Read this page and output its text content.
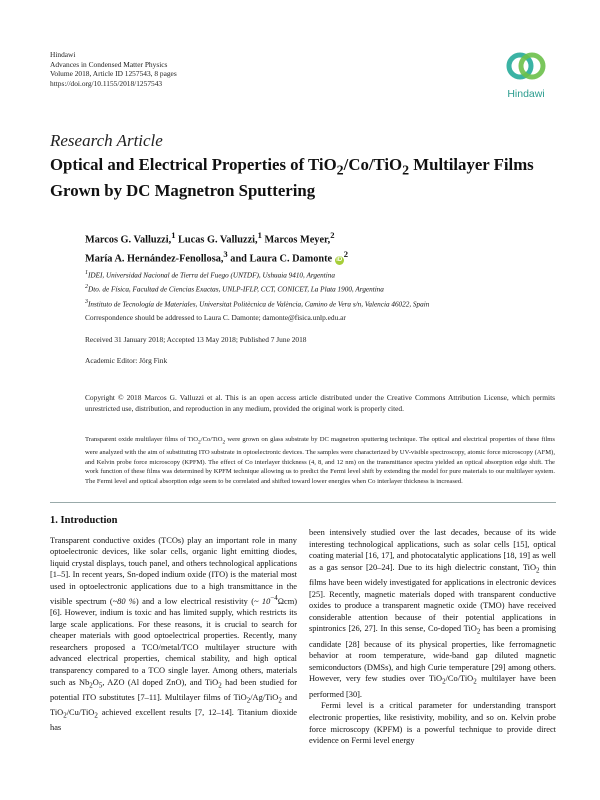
Hindawi
Advances in Condensed Matter Physics
Volume 2018, Article ID 1257543, 8 pages
https://doi.org/10.1155/2018/1257543
Hindawi
Research Article
Optical and Electrical Properties of TiO$_2$/Co/TiO$_2$ Multilayer Films Grown by DC Magnetron Sputtering
Marcos G. Valluzzi,$^1$ Lucas G. Valluzzi,$^1$ Marcos Meyer,$^2$
María A. Hernández-Fenollosa,$^3$ and Laura C. Damonte $iD^2$
$^1$IDEI, Universidad Nacional de Tierra del Fuego (UNTDF), Ushuaia 9410, Argentina
$^2$Dto. de Física, Facultad de Ciencias Exactas, UNLP-IFLP, CCT, CONICET, La Plata 1900, Argentina
$^3$Instituto de Tecnología de Materiales, Universitat Politècnica de València, Camino de Vera s/n, Valencia 46022, Spain
Correspondence should be addressed to Laura C. Damonte; damonte@fisica.unlp.edu.ar
Received 31 January 2018; Accepted 13 May 2018; Published 7 June 2018
Academic Editor: Jörg Fink
Copyright © 2018 Marcos G. Valluzzi et al. This is an open access article distributed under the Creative Commons Attribution License, which permits unrestricted use, distribution, and reproduction in any medium, provided the original work is properly cited.
Transparent oxide multilayer films of TiO$_2$/Co/TiO$_2$ were grown on glass substrate by DC magnetron sputtering technique. The optical and electrical properties of these films were analyzed with the aim of substituting ITO substrate in optoelectronic devices. The samples were characterized by UV-visible spectroscopy, atomic force microscopy (AFM), and Kelvin probe force microscopy (KPFM). The effect of Co interlayer thickness (4, 8, and 12 nm) on the transmittance spectra yielded an optical absorption edge shift. The work function of these films was determined by KPFM technique allowing us to predict the Fermi level shift by extending the model for pure materials to our multilayer system. The Fermi level and optical absorption edge seem to be correlated and shifted toward lower energies when Co interlayer thickness is increased.
1. Introduction

Transparent conductive oxides (TCOs) play an important role in many optoelectronic devices, like solar cells, organic light emitting diodes, liquid crystal displays, touch panel, and others technological applications [1–5]. In recent years, Sn-doped indium oxide (ITO) is the material most used in optoelectronic applications due to a high transmittance in the visible spectrum (~80 %) and a low electrical resistivity (~ $10^{-4}\Omega cm$) [6]. However, indium is toxic and has limited supply, which restricts its large scale applications. For these reasons, it is crucial to search for cheaper materials with good optoelectrical properties. Recently, many researchers proposed a TCO/metal/TCO multilayer structure with advanced electrical properties, chemical stability, and high optical transparency compared to a TCO single layer. Among others, materials such as $Nb_2O_5$, AZO (Al doped ZnO), and TiO$_2$ had been studied for potential ITO substitutes [7–11]. Multilayer films of TiO$_2$/Ag/TiO$_2$ and TiO$_2$/Cu/TiO$_2$ achieved excellent results [7, 12–14]. Titanium dioxide has

been intensively studied over the last decades, because of its wide interesting technological applications, such as solar cells [15], optical coating material [16, 17], and photocatalytic applications [18, 19] as well as a gas sensor [20–24]. Due to its high dielectric constant, TiO$_2$ thin films have been widely investigated for applications in electronic devices [25]. Recently, magnetic materials doped with transparent conductive oxides to produce a transparent magnetic oxide (TMO) have received considerable attention because of their potential applications in spintronics [26, 27]. In this sense, Co-doped TiO$_2$ has been a promising candidate [28] because of its physical properties, like ferromagnetic behavior at room temperature, wide-band gap diluted magnetic semiconductors (DMSs), and high Curie temperature [29] among others. However, very few studies over TiO$_2$/Co/TiO$_2$ multilayer have been performed [30].

Fermi level is a critical parameter for understanding transport electronic properties, like resistivity, mobility, and so on. Kelvin probe force microscopy (KPFM) is a powerful technique to provide direct evidence on Fermi level energy
